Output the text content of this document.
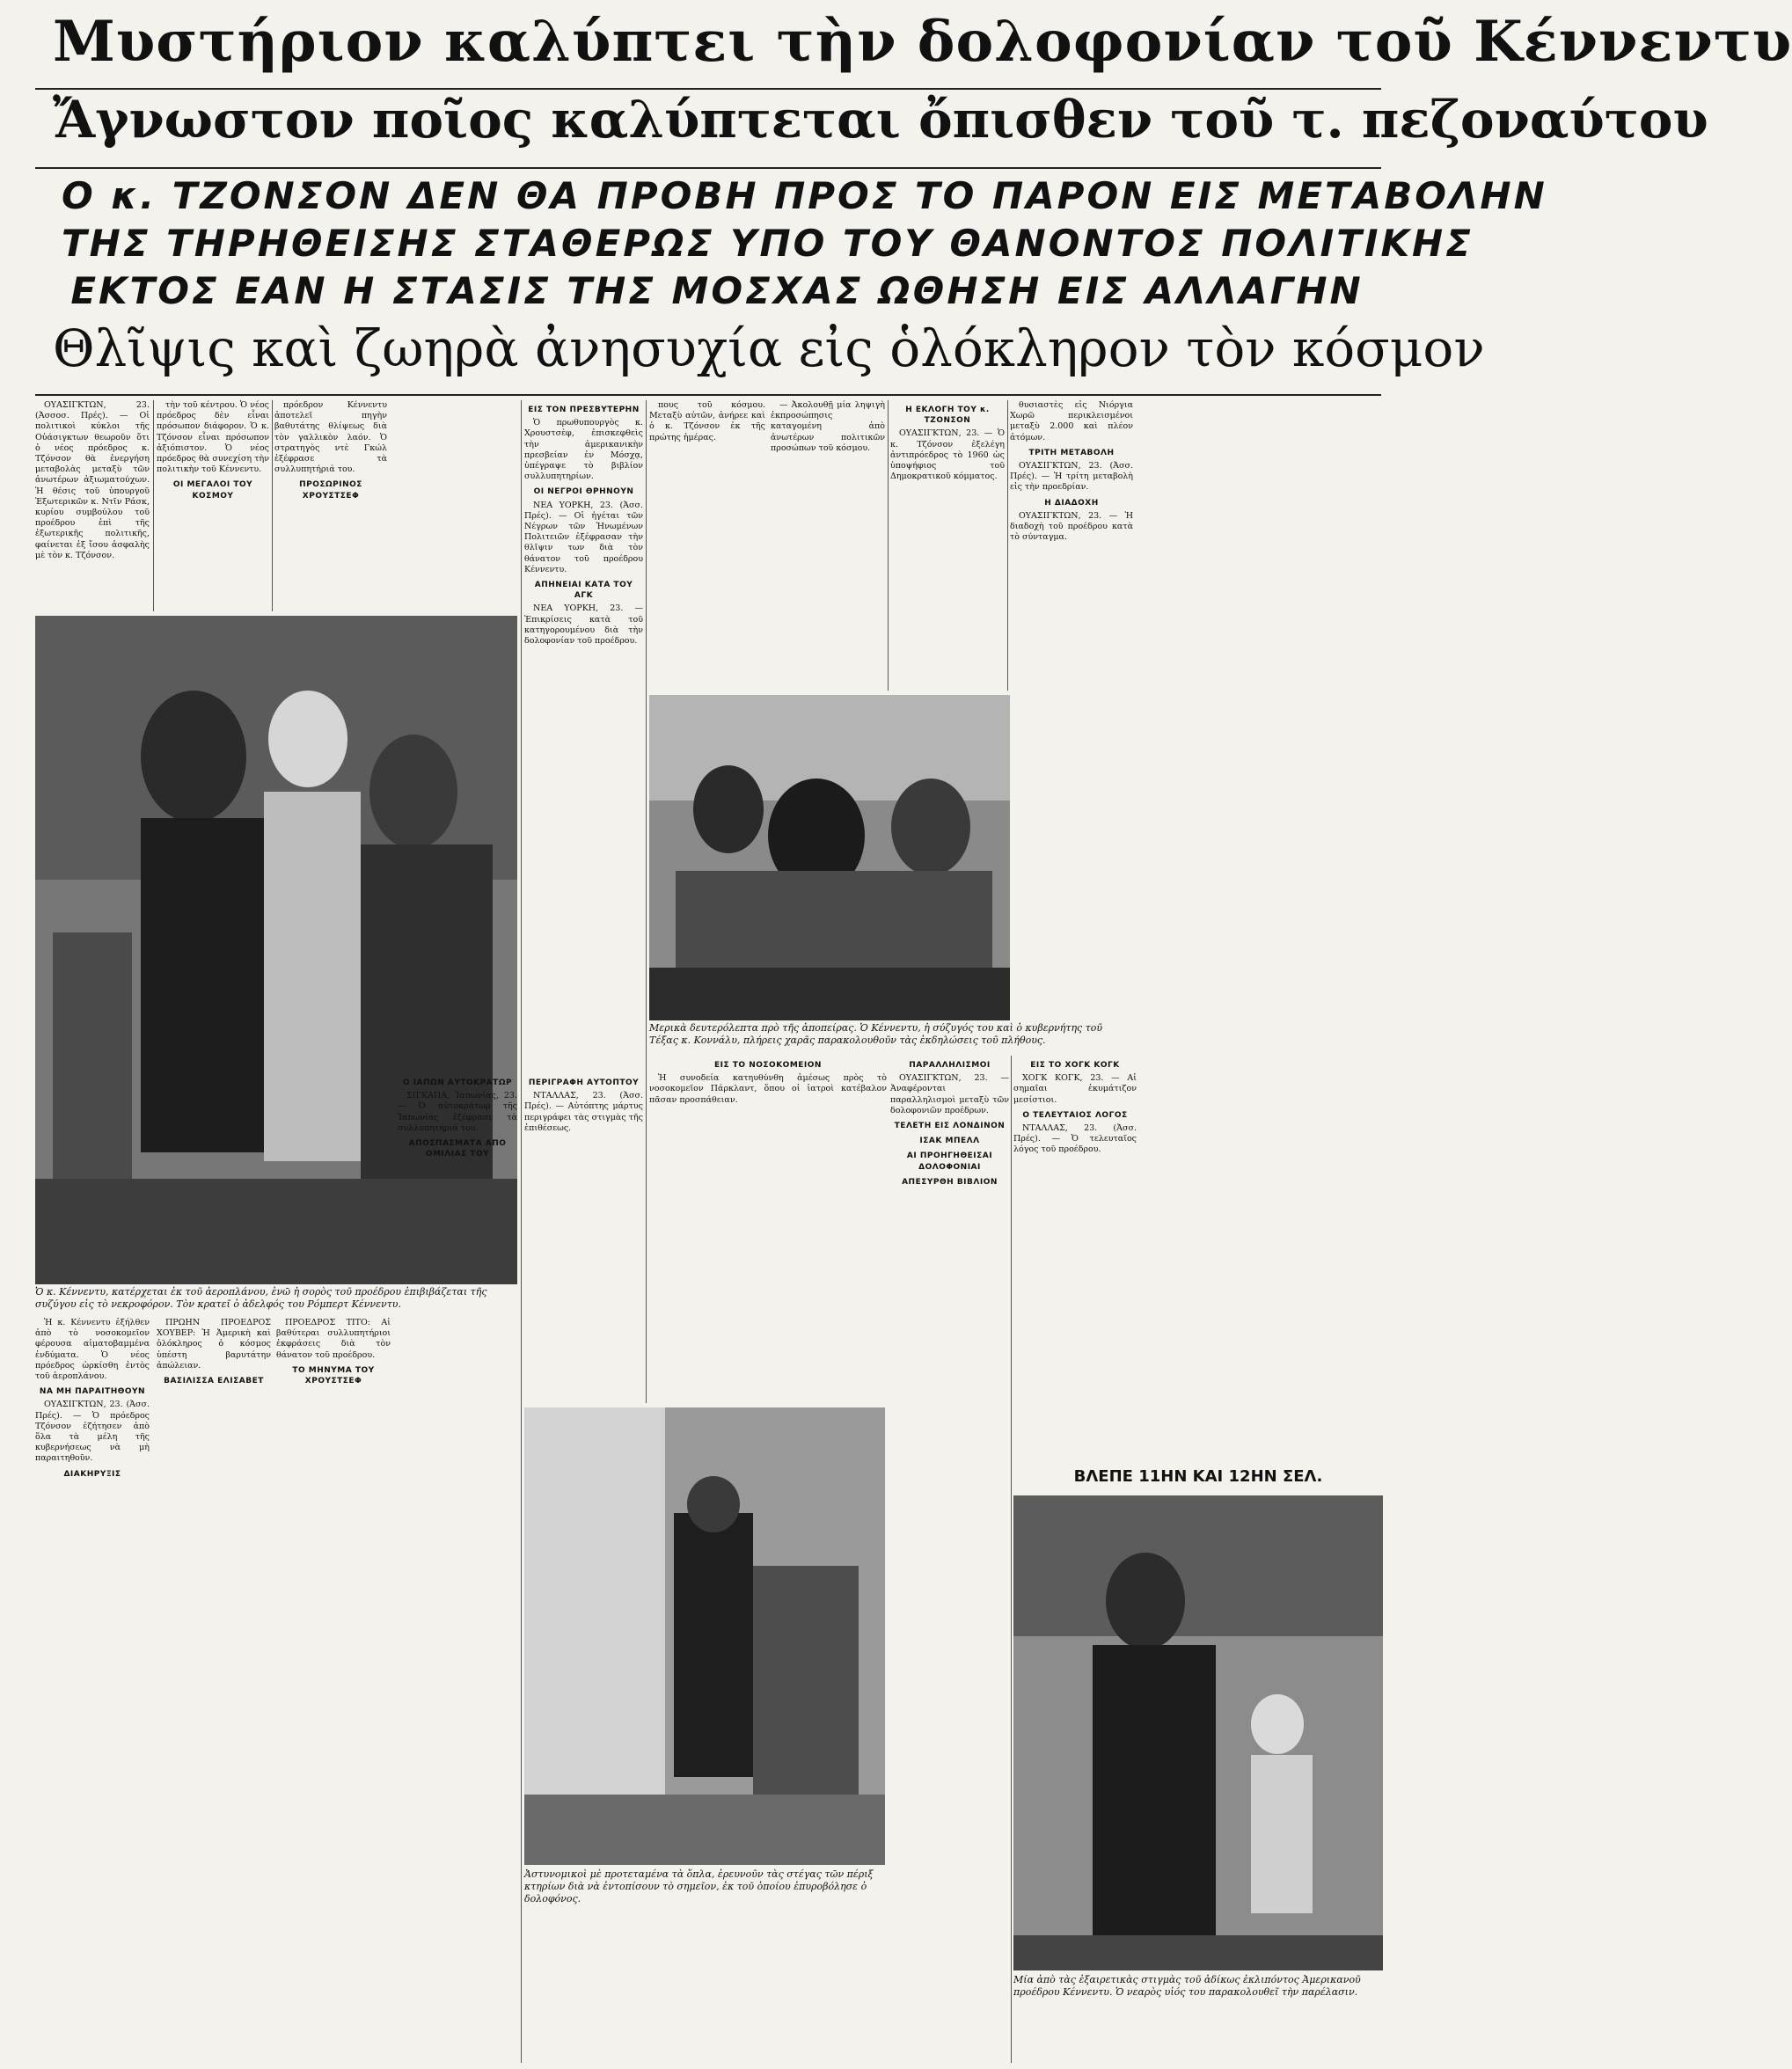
Μυστήριον καλύπτει τὴν δολοφονίαν τοῦ Κέννεντυ
Ἄγνωστον ποῖος καλύπτεται ὄπισθεν τοῦ τ. πεζοναύτου
Ο κ. ΤΖΟΝΣΟΝ ΔΕΝ ΘΑ ΠΡΟΒΗ ΠΡΟΣ ΤΟ ΠΑΡΟΝ ΕΙΣ ΜΕΤΑΒΟΛΗΝ
ΤΗΣ ΤΗΡΗΘΕΙΣΗΣ ΣΤΑΘΕΡΩΣ ΥΠΟ ΤΟΥ ΘΑΝΟΝΤΟΣ ΠΟΛΙΤΙΚΗΣ
ΕΚΤΟΣ ΕΑΝ Η ΣΤΑΣΙΣ ΤΗΣ ΜΟΣΧΑΣ ΩΘΗΣΗ ΕΙΣ ΑΛΛΑΓΗΝ
Θλῖψις καὶ ζωηρὰ ἀνησυχία εἰς ὁλόκληρον τὸν κόσμον

ΟΥΑΣΙΓΚΤΩΝ, 23. (Ἀσσοσ. Πρές). — Οἱ πολιτικοὶ κύκλοι τῆς Οὐάσιγκτων θεωροῦν ὅτι ὁ νέος πρόεδρος κ. Τζόνσον θὰ ἐνεργήση μεταβολὰς μεταξὺ τῶν ἀνωτέρων ἀξιωματούχων. Ἡ θέσις τοῦ ὑπουργοῦ Ἐξωτερικῶν κ. Ντῖν Ράσκ, κυρίου συμβούλου τοῦ προέδρου ἐπὶ τῆς ἐξωτερικῆς πολιτικῆς, φαίνεται ἐξ ἴσου ἀσφαλὴς μὲ τὸν κ. Τζόνσον.

τὴν τοῦ κέντρου. Ὁ νέος πρόεδρος δὲν εἶναι πρόσωπον διάφορον. Ὁ κ. Τζόνσον εἶναι πρόσωπον ἀξιόπιστον. Ὁ νέος πρόεδρος θὰ συνεχίση τὴν πολιτικὴν τοῦ Κέννεντυ.

ΟΙ ΜΕΓΑΛΟΙ ΤΟΥ ΚΟΣΜΟΥ

πρόεδρον Κέννεντυ ἀποτελεῖ πηγὴν βαθυτάτης θλίψεως διὰ τὸν γαλλικὸν λαόν. Ὁ στρατηγὸς ντὲ Γκώλ ἐξέφρασε τὰ συλλυπητήριά του.

ΠΡΟΣΩΡΙΝΟΣ ΧΡΟΥΣΤΣΕΦ
Ὁ κ. Κέννεντυ, κατέρχεται ἐκ τοῦ ἀεροπλάνου, ἐνῶ ἡ σορὸς τοῦ προέδρου ἐπιβιβάζεται τῆς συζύγου εἰς τὸ νεκροφόρον. Τὸν κρατεῖ ὁ ἀδελφός του Ρόμπερτ Κέννεντυ.
ΕΙΣ ΤΟΝ ΠΡΕΣΒΥΤΕΡΗΝ

Ὁ πρωθυπουργὸς κ. Χρουστσὲφ, ἐπισκεφθεὶς τὴν ἀμερικανικὴν πρεσβείαν ἐν Μόσχᾳ, ὑπέγραψε τὸ βιβλίον συλλυπητηρίων.

ΟΙ ΝΕΓΡΟΙ ΘΡΗΝΟΥΝ

ΝΕΑ ΥΟΡΚΗ, 23. (Ἀσσ. Πρές). — Οἱ ἡγέται τῶν Νέγρων τῶν Ἡνωμένων Πολιτειῶν ἐξέφρασαν τὴν θλῖψιν των διὰ τὸν θάνατον τοῦ προέδρου Κέννεντυ.

ΑΠΗΝΕΙΑΙ ΚΑΤΑ ΤΟΥ ΑΓΚ

ΝΕΑ ΥΟΡΚΗ, 23. — Ἐπικρίσεις κατὰ τοῦ κατηγορουμένου διὰ τὴν δολοφονίαν τοῦ προέδρου.

πους τοῦ κόσμου. Μεταξὺ αὐτῶν, ἀνήρεε καὶ ὁ κ. Τζόνσον ἐκ τῆς πρώτης ἡμέρας.

— Ἀκολουθῇ μία ληψιγὴ ἐκπροσώπησις καταγομένη ἀπὸ ἀνωτέρων πολιτικῶν προσώπων τοῦ κόσμου.

Η ΕΚΛΟΓΗ ΤΟΥ κ. ΤΖΟΝΣΟΝ

ΟΥΑΣΙΓΚΤΩΝ, 23. — Ὁ κ. Τζόνσον ἐξελέγη ἀντιπρόεδρος τὸ 1960 ὡς ὑποψήφιος τοῦ Δημοκρατικοῦ κόμματος.

θυσιαστὲς εἰς Νιόργια Χωρῶ περικλεισμένοι μεταξὺ 2.000 καὶ πλέον ἀτόμων.

ΤΡΙΤΗ ΜΕΤΑΒΟΛΗ

ΟΥΑΣΙΓΚΤΩΝ, 23. (Ἀσσ. Πρές). — Ἡ τρίτη μεταβολὴ εἰς τὴν προεδρίαν.

Η ΔΙΑΔΟΧΗ

ΟΥΑΣΙΓΚΤΩΝ, 23. — Ἡ διαδοχὴ τοῦ προέδρου κατὰ τὸ σύνταγμα.

Μερικὰ δευτερόλεπτα πρὸ τῆς ἀποπείρας. Ὁ Κέννεντυ, ἡ σύζυγός του καὶ ὁ κυβερνήτης τοῦ Τέξας κ. Κοννάλυ, πλήρεις χαρᾶς παρακολουθοῦν τὰς ἐκδηλώσεις τοῦ πλήθους.

Ἡ κ. Κέννεντυ ἐξήλθεν ἀπὸ τὸ νοσοκομεῖον φέρουσα αἱματοβαμμένα ἐνδύματα. Ὁ νέος πρόεδρος ὡρκίσθη ἐντὸς τοῦ ἀεροπλάνου.

ΝΑ ΜΗ ΠΑΡΑΙΤΗΘΟΥΝ

ΟΥΑΣΙΓΚΤΩΝ, 23. (Ἀσσ. Πρές). — Ὁ πρόεδρος Τζόνσον ἐζήτησεν ἀπὸ ὅλα τὰ μέλη τῆς κυβερνήσεως νὰ μὴ παραιτηθοῦν.

ΔΙΑΚΗΡΥΞΙΣ

ΠΡΩΗΝ ΠΡΟΕΔΡΟΣ ΧΟΥΒΕΡ: Ἡ Ἀμερικὴ καὶ ὁλόκληρος ὁ κόσμος ὑπέστη βαρυτάτην ἀπώλειαν.

ΒΑΣΙΛΙΣΣΑ ΕΛΙΣΑΒΕΤ

ΠΡΟΕΔΡΟΣ ΤΙΤΟ: Αἱ βαθύτεραι συλλυπητήριοι ἐκφράσεις διὰ τὸν θάνατον τοῦ προέδρου.

ΤΟ ΜΗΝΥΜΑ ΤΟΥ ΧΡΟΥΣΤΣΕΦ
Ο ΙΑΠΩΝ ΑΥΤΟΚΡΑΤΩΡ

ΣΙΓΚΑΠΑ, Ἰαπωνίας, 23. — Ὁ αὐτοκράτωρ τῆς Ἰαπωνίας ἐξέφρασε τὰ συλλυπητήριά του.

ΑΠΟΣΠΑΣΜΑΤΑ ΑΠΟ ΟΜΙΛΙΑΣ ΤΟΥ
ΠΕΡΙΓΡΑΦΗ ΑΥΤΟΠΤΟΥ

ΝΤΑΛΛΑΣ, 23. (Ἀσσ. Πρές). — Αὐτόπτης μάρτυς περιγράφει τὰς στιγμὰς τῆς ἐπιθέσεως.

ΕΙΣ ΤΟ ΝΟΣΟΚΟΜΕΙΟΝ

Ἡ συνοδεία κατηυθύνθη ἀμέσως πρὸς τὸ νοσοκομεῖον Πάρκλαντ, ὅπου οἱ ἰατροὶ κατέβαλον πᾶσαν προσπάθειαν.

ΠΑΡΑΛΛΗΛΙΣΜΟΙ

ΟΥΑΣΙΓΚΤΩΝ, 23. — Ἀναφέρονται παραλληλισμοὶ μεταξὺ τῶν δολοφονιῶν προέδρων.

ΤΕΛΕΤΗ ΕΙΣ ΛΟΝΔΙΝΟΝ
ΙΣΑΚ ΜΠΕΛΛ
ΑΙ ΠΡΟΗΓΗΘΕΙΣΑΙ ΔΟΛΟΦΟΝΙΑΙ
ΑΠΕΣΥΡΘΗ ΒΙΒΛΙΟΝ
ΕΙΣ ΤΟ ΧΟΓΚ ΚΟΓΚ

ΧΟΓΚ ΚΟΓΚ, 23. — Αἱ σημαῖαι ἐκυμάτιζον μεσίστιοι.

Ο ΤΕΛΕΥΤΑΙΟΣ ΛΟΓΟΣ

ΝΤΑΛΛΑΣ, 23. (Ἀσσ. Πρές). — Ὁ τελευταῖος λόγος τοῦ προέδρου.

Ἀστυνομικοὶ μὲ προτεταμένα τὰ ὅπλα, ἐρευνοῦν τὰς στέγας τῶν πέριξ κτηρίων διὰ νὰ ἐντοπίσουν τὸ σημεῖον, ἐκ τοῦ ὁποίου ἐπυροβόλησε ὁ δολοφόνος.
ΒΛΕΠΕ 11ΗΝ ΚΑΙ 12ΗΝ ΣΕΛ.
Μία ἀπὸ τὰς ἐξαιρετικὰς στιγμὰς τοῦ ἀδίκως ἐκλιπόντος Ἀμερικανοῦ προέδρου Κέννεντυ. Ὁ νεαρὸς υἱός του παρακολουθεῖ τὴν παρέλασιν.
